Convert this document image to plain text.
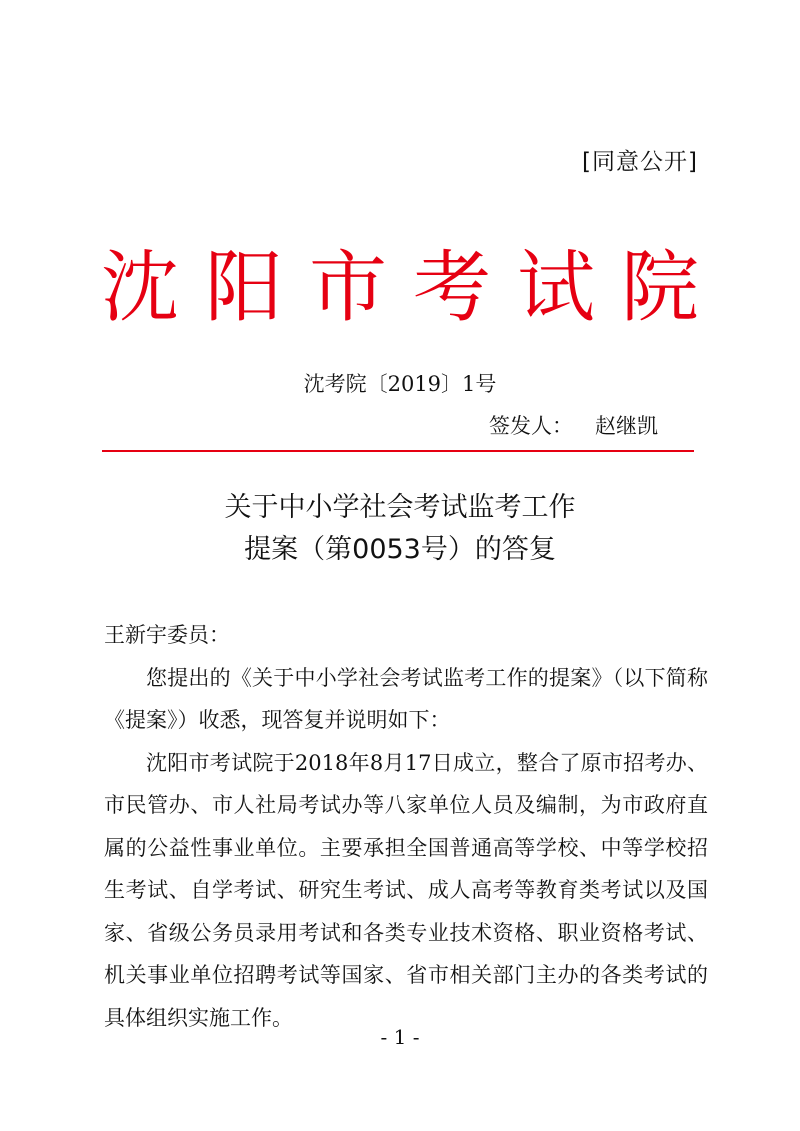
[同意公开]
沈阳市考试院
沈考院〔2019〕1号
签发人： 赵继凯
关于中小学社会考试监考工作
提案（第0053号）的答复

王新宇委员：

您提出的《关于中小学社会考试监考工作的提案》（以下简称《提案》）收悉，现答复并说明如下：

沈阳市考试院于2018年8月17日成立，整合了原市招考办、市民管办、市人社局考试办等八家单位人员及编制，为市政府直属的公益性事业单位。主要承担全国普通高等学校、中等学校招生考试、自学考试、研究生考试、成人高考等教育类考试以及国家、省级公务员录用考试和各类专业技术资格、职业资格考试、机关事业单位招聘考试等国家、省市相关部门主办的各类考试的具体组织实施工作。

- 1 -
